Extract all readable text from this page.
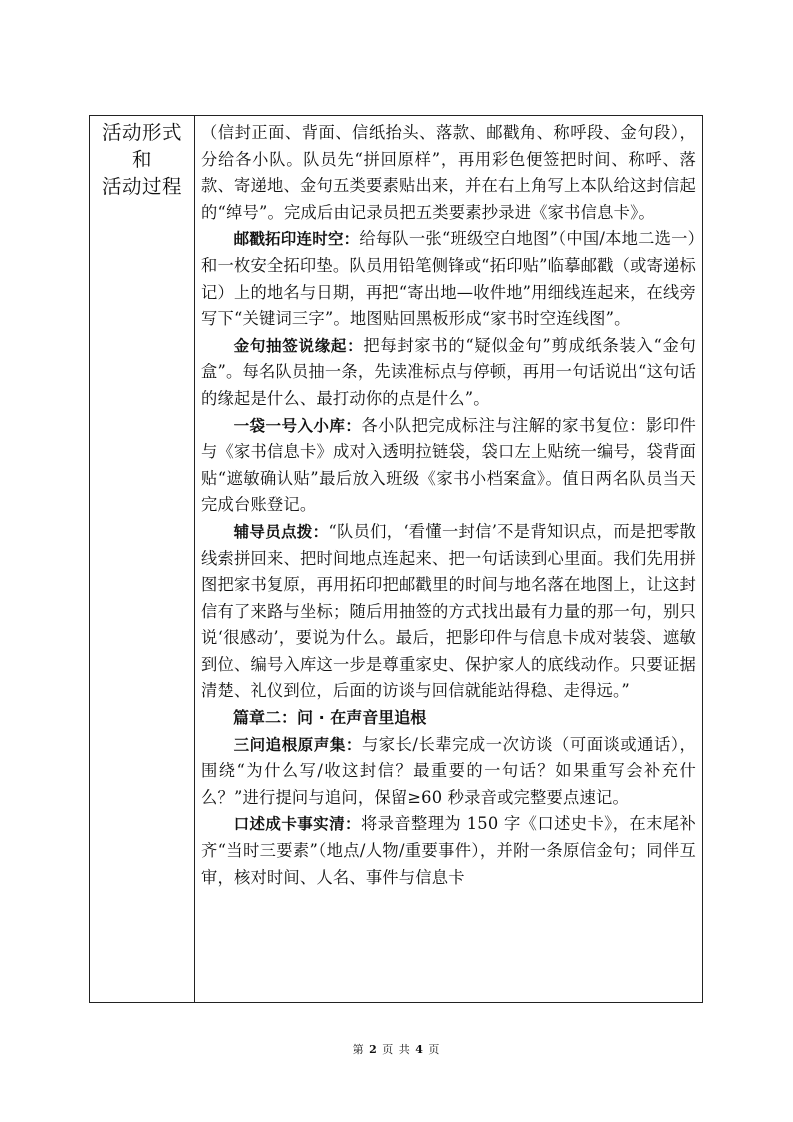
活动形式
和
活动过程

（信封正面、背面、信纸抬头、落款、邮戳角、称呼段、金句段），分给各小队。队员先“拼回原样”，再用彩色便签把时间、称呼、落款、寄递地、金句五类要素贴出来，并在右上角写上本队给这封信起的“绰号”。完成后由记录员把五类要素抄录进《家书信息卡》。

邮戳拓印连时空：给每队一张“班级空白地图”（中国/本地二选一）和一枚安全拓印垫。队员用铅笔侧锋或“拓印贴”临摹邮戳（或寄递标记）上的地名与日期，再把“寄出地—收件地”用细线连起来，在线旁写下“关键词三字”。地图贴回黑板形成“家书时空连线图”。

金句抽签说缘起：把每封家书的“疑似金句”剪成纸条装入“金句盒”。每名队员抽一条，先读准标点与停顿，再用一句话说出“这句话的缘起是什么、最打动你的点是什么”。

一袋一号入小库：各小队把完成标注与注解的家书复位：影印件与《家书信息卡》成对入透明拉链袋，袋口左上贴统一编号，袋背面贴“遮敏确认贴”最后放入班级《家书小档案盒》。值日两名队员当天完成台账登记。

辅导员点拨：“队员们，‘看懂一封信’不是背知识点，而是把零散线索拼回来、把时间地点连起来、把一句话读到心里面。我们先用拼图把家书复原，再用拓印把邮戳里的时间与地名落在地图上，让这封信有了来路与坐标；随后用抽签的方式找出最有力量的那一句，别只说‘很感动’，要说为什么。最后，把影印件与信息卡成对装袋、遮敏到位、编号入库这一步是尊重家史、保护家人的底线动作。只要证据清楚、礼仪到位，后面的访谈与回信就能站得稳、走得远。”

篇章二：问 · 在声音里追根

三问追根原声集：与家长/长辈完成一次访谈（可面谈或通话），围绕“为什么写/收这封信？最重要的一句话？如果重写会补充什么？”进行提问与追问，保留≥60 秒录音或完整要点速记。

口述成卡事实清：将录音整理为 150 字《口述史卡》，在末尾补齐“当时三要素”（地点/人物/重要事件），并附一条原信金句；同伴互审，核对时间、人名、事件与信息卡

第 2 页 共 4 页
